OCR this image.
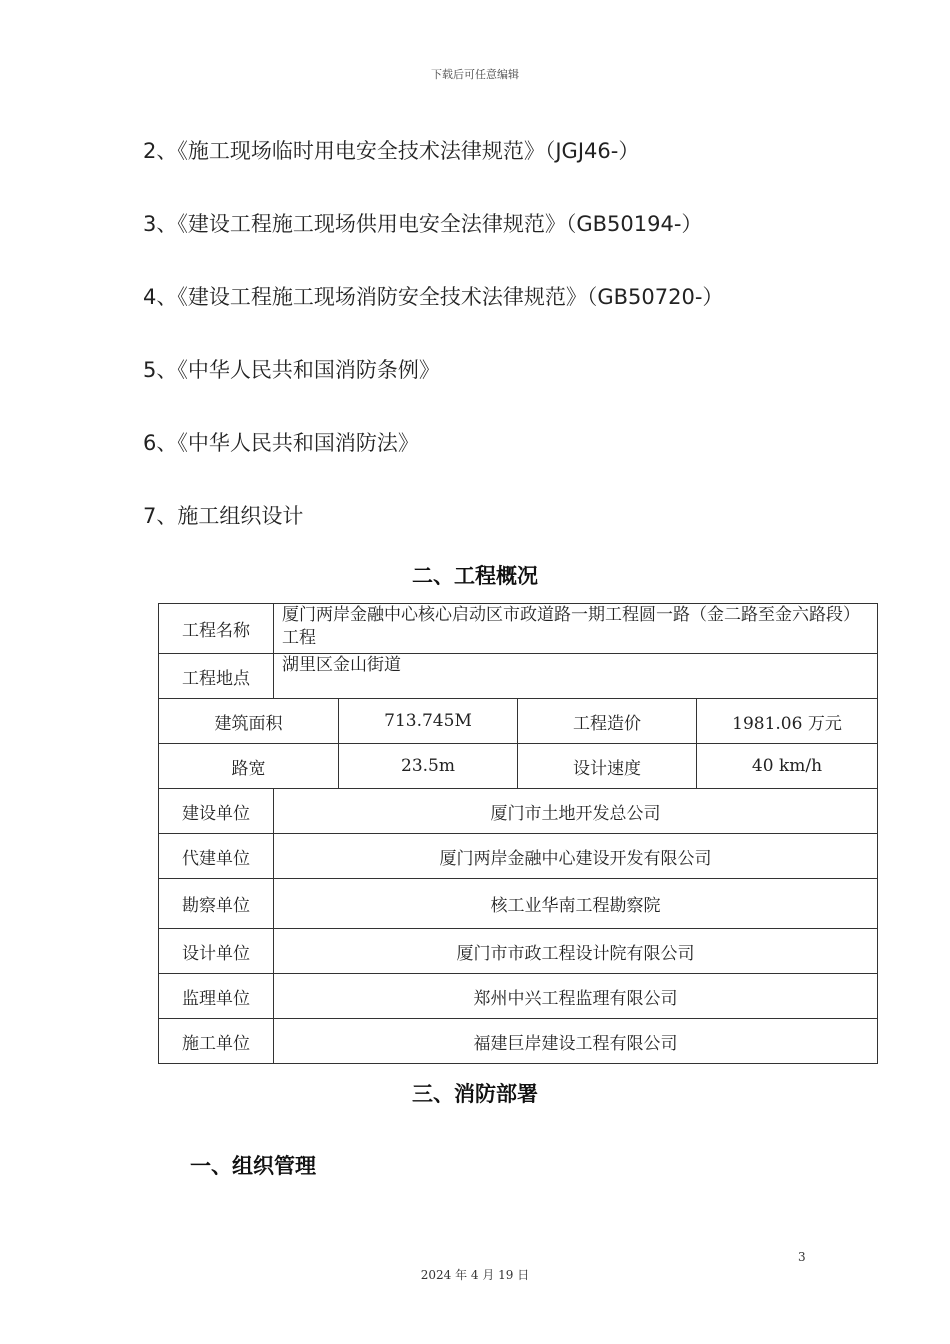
下载后可任意编辑
2、《施工现场临时用电安全技术法律规范》（JGJ46-）
3、《建设工程施工现场供用电安全法律规范》（GB50194-）
4、《建设工程施工现场消防安全技术法律规范》（GB50720-）
5、《中华人民共和国消防条例》
6、《中华人民共和国消防法》
7、施工组织设计
二、工程概况
工程名称	厦门两岸金融中心核心启动区市政道路一期工程圆一路（金二路至金六路段）工程			
工程地点	湖里区金山街道			
建筑面积		713.745M	工程造价	1981.06 万元
路宽		23.5m	设计速度	40 km/h
建设单位	厦门市土地开发总公司			
代建单位	厦门两岸金融中心建设开发有限公司			
勘察单位	核工业华南工程勘察院			
设计单位	厦门市市政工程设计院有限公司			
监理单位	郑州中兴工程监理有限公司			
施工单位	福建巨岸建设工程有限公司			
三、消防部署
一、组织管理
3
2024 年 4 月 19 日
